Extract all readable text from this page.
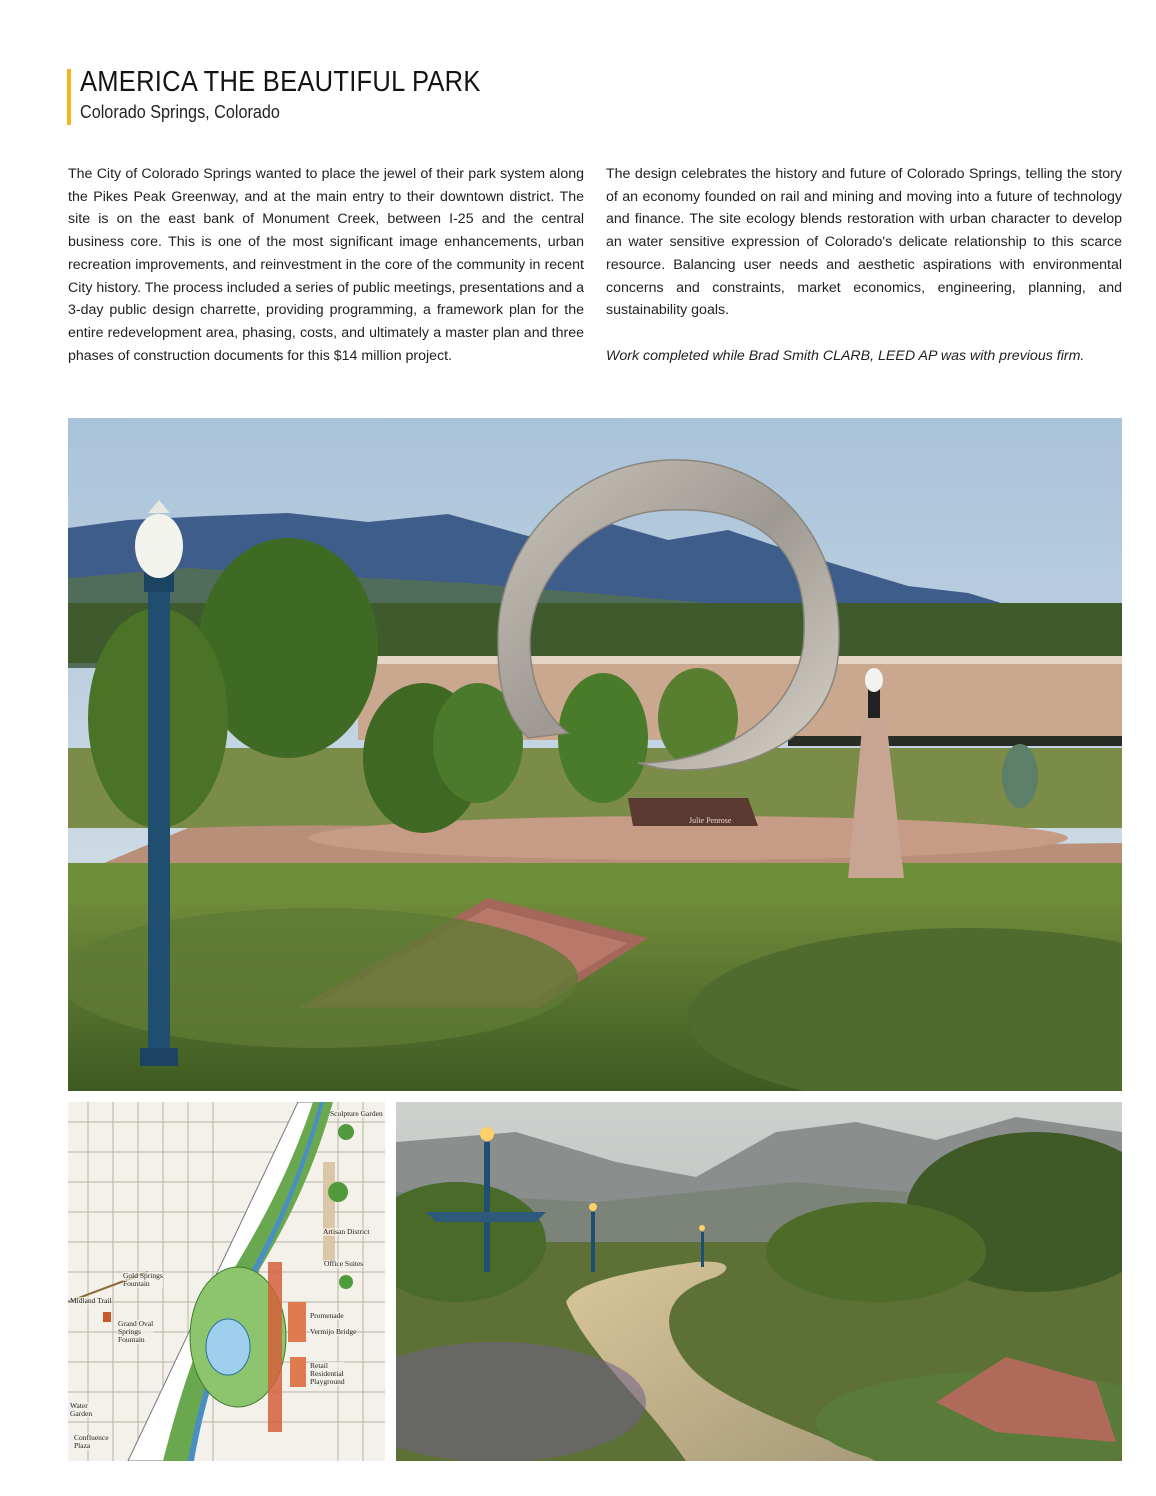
AMERICA THE BEAUTIFUL PARK
Colorado Springs, Colorado

The City of Colorado Springs wanted to place the jewel of their park system along the Pikes Peak Greenway, and at the main entry to their downtown district. The site is on the east bank of Monument Creek, between I-25 and the central business core. This is one of the most significant image enhancements, urban recreation improvements, and reinvestment in the core of the community in recent City history. The process included a series of public meetings, presentations and a 3-day public design charrette, providing programming, a framework plan for the entire redevelopment area, phasing, costs, and ultimately a master plan and three phases of construction documents for this $14 million project.

The design celebrates the history and future of Colorado Springs, telling the story of an economy founded on rail and mining and moving into a future of technology and finance. The site ecology blends restoration with urban character to develop an water sensitive expression of Colorado's delicate relationship to this scarce resource. Balancing user needs and aesthetic aspirations with environmental concerns and constraints, market economics, engineering, planning, and sustainability goals.

Work completed while Brad Smith CLARB, LEED AP was with previous firm.

Julie Penrose
Sculpture Garden
Artisan District
Gold Springs
Fountain
Midland Trail
Grand Oval
Springs
Fountain
Office Suites
Promenade
Vermijo Bridge
Retail
Residential
Playground
Water
Garden
Confluence
Plaza
